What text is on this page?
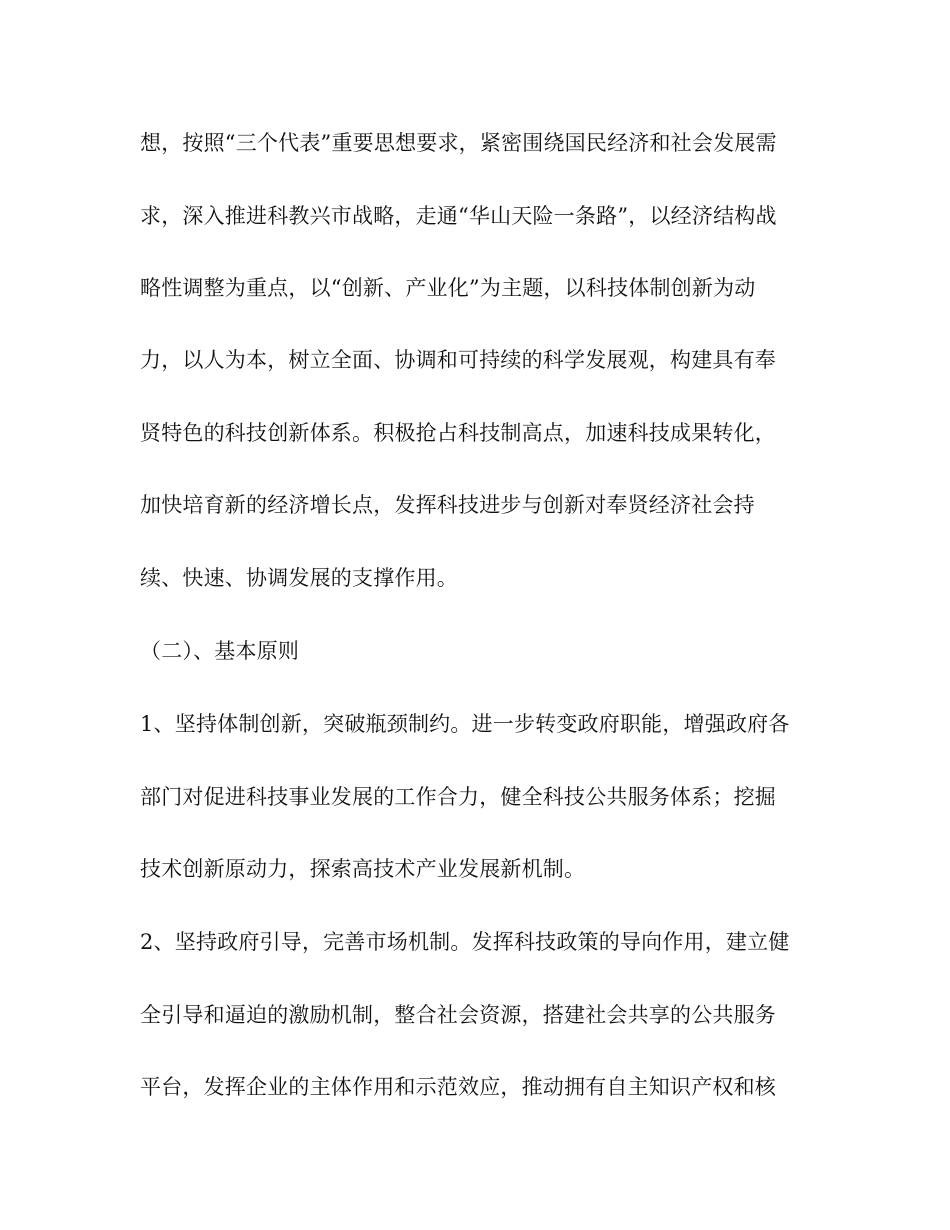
想，按照“三个代表”重要思想要求，紧密围绕国民经济和社会发展需
求，深入推进科教兴市战略，走通“华山天险一条路”，以经济结构战
略性调整为重点，以“创新、产业化”为主题，以科技体制创新为动
力，以人为本，树立全面、协调和可持续的科学发展观，构建具有奉
贤特色的科技创新体系。积极抢占科技制高点，加速科技成果转化，
加快培育新的经济增长点，发挥科技进步与创新对奉贤经济社会持
续、快速、协调发展的支撑作用。
（二）、基本原则
1、坚持体制创新，突破瓶颈制约。进一步转变政府职能，增强政府各
部门对促进科技事业发展的工作合力，健全科技公共服务体系；挖掘
技术创新原动力，探索高技术产业发展新机制。
2、坚持政府引导，完善市场机制。发挥科技政策的导向作用，建立健
全引导和逼迫的激励机制，整合社会资源，搭建社会共享的公共服务
平台，发挥企业的主体作用和示范效应，推动拥有自主知识产权和核
